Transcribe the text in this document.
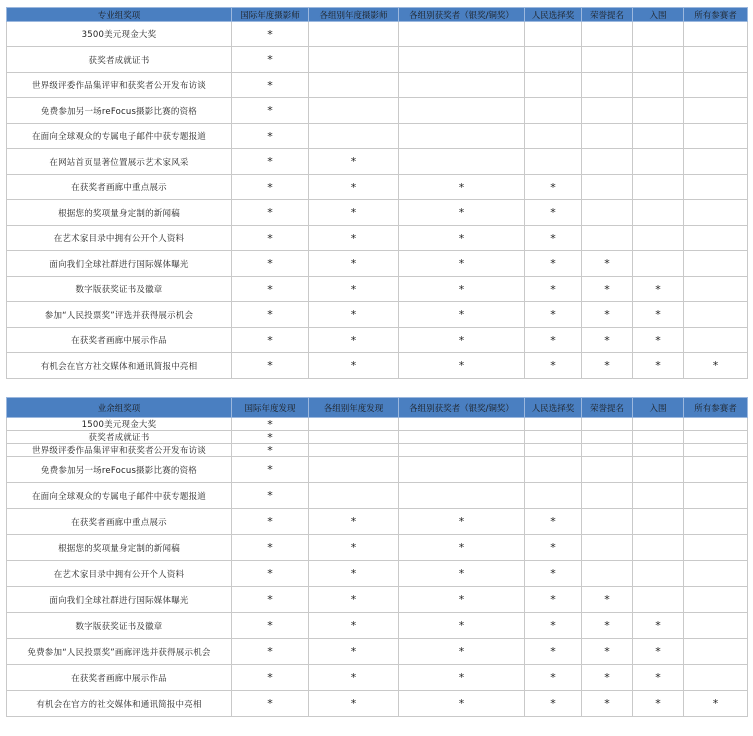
专业组奖项	国际年度摄影师	各组别年度摄影师	各组别获奖者（银奖/铜奖）	人民选择奖	荣誉提名	入围	所有参赛者
3500美元现金大奖	*						
获奖者成就证书	*						
世界级评委作品集评审和获奖者公开发布访谈	*						
免费参加另一场reFocus摄影比赛的资格	*						
在面向全球观众的专属电子邮件中获专题报道	*						
在网站首页显著位置展示艺术家风采	*	*					
在获奖者画廊中重点展示	*	*	*	*			
根据您的奖项量身定制的新闻稿	*	*	*	*			
在艺术家目录中拥有公开个人资料	*	*	*	*			
面向我们全球社群进行国际媒体曝光	*	*	*	*	*		
数字版获奖证书及徽章	*	*	*	*	*	*	
参加“人民投票奖”评选并获得展示机会	*	*	*	*	*	*	
在获奖者画廊中展示作品	*	*	*	*	*	*	
有机会在官方社交媒体和通讯简报中亮相	*	*	*	*	*	*	*
业余组奖项	国际年度发现	各组别年度发现	各组别获奖者（银奖/铜奖）	人民选择奖	荣誉提名	入围	所有参赛者
1500美元现金大奖	*						
获奖者成就证书	*						
世界级评委作品集评审和获奖者公开发布访谈	*						
免费参加另一场reFocus摄影比赛的资格	*						
在面向全球观众的专属电子邮件中获专题报道	*						
在获奖者画廊中重点展示	*	*	*	*			
根据您的奖项量身定制的新闻稿	*	*	*	*			
在艺术家目录中拥有公开个人资料	*	*	*	*			
面向我们全球社群进行国际媒体曝光	*	*	*	*	*		
数字版获奖证书及徽章	*	*	*	*	*	*	
免费参加“人民投票奖”画廊评选并获得展示机会	*	*	*	*	*	*	
在获奖者画廊中展示作品	*	*	*	*	*	*	
有机会在官方的社交媒体和通讯简报中亮相	*	*	*	*	*	*	*
